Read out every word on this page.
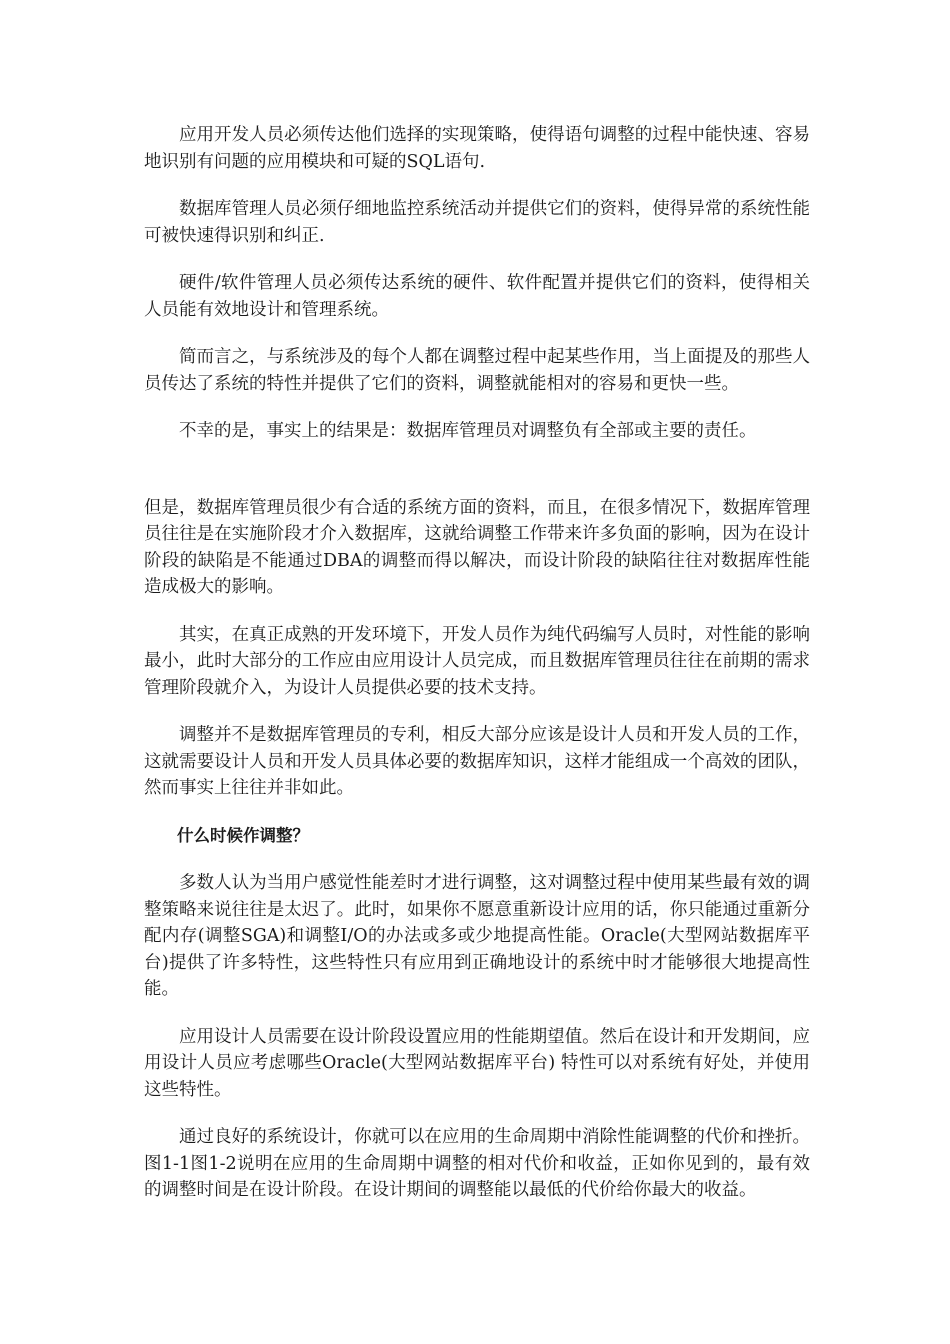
应用开发人员必须传达他们选择的实现策略，使得语句调整的过程中能快速、容易地识别有问题的应用模块和可疑的SQL语句.

数据库管理人员必须仔细地监控系统活动并提供它们的资料，使得异常的系统性能可被快速得识别和纠正.

硬件/软件管理人员必须传达系统的硬件、软件配置并提供它们的资料，使得相关人员能有效地设计和管理系统。

简而言之，与系统涉及的每个人都在调整过程中起某些作用，当上面提及的那些人员传达了系统的特性并提供了它们的资料，调整就能相对的容易和更快一些。

不幸的是，事实上的结果是：数据库管理员对调整负有全部或主要的责任。

但是，数据库管理员很少有合适的系统方面的资料，而且，在很多情况下，数据库管理员往往是在实施阶段才介入数据库，这就给调整工作带来许多负面的影响，因为在设计阶段的缺陷是不能通过DBA的调整而得以解决，而设计阶段的缺陷往往对数据库性能造成极大的影响。

其实，在真正成熟的开发环境下，开发人员作为纯代码编写人员时，对性能的影响最小，此时大部分的工作应由应用设计人员完成，而且数据库管理员往往在前期的需求管理阶段就介入，为设计人员提供必要的技术支持。

调整并不是数据库管理员的专利，相反大部分应该是设计人员和开发人员的工作，这就需要设计人员和开发人员具体必要的数据库知识，这样才能组成一个高效的团队，然而事实上往往并非如此。

什么时候作调整？

多数人认为当用户感觉性能差时才进行调整，这对调整过程中使用某些最有效的调整策略来说往往是太迟了。此时，如果你不愿意重新设计应用的话，你只能通过重新分配内存(调整SGA)和调整I/O的办法或多或少地提高性能。Oracle(大型网站数据库平台)提供了许多特性，这些特性只有应用到正确地设计的系统中时才能够很大地提高性能。

应用设计人员需要在设计阶段设置应用的性能期望值。然后在设计和开发期间，应用设计人员应考虑哪些Oracle(大型网站数据库平台) 特性可以对系统有好处，并使用这些特性。

通过良好的系统设计，你就可以在应用的生命周期中消除性能调整的代价和挫折。图1-1图1-2说明在应用的生命周期中调整的相对代价和收益，正如你见到的，最有效的调整时间是在设计阶段。在设计期间的调整能以最低的代价给你最大的收益。
